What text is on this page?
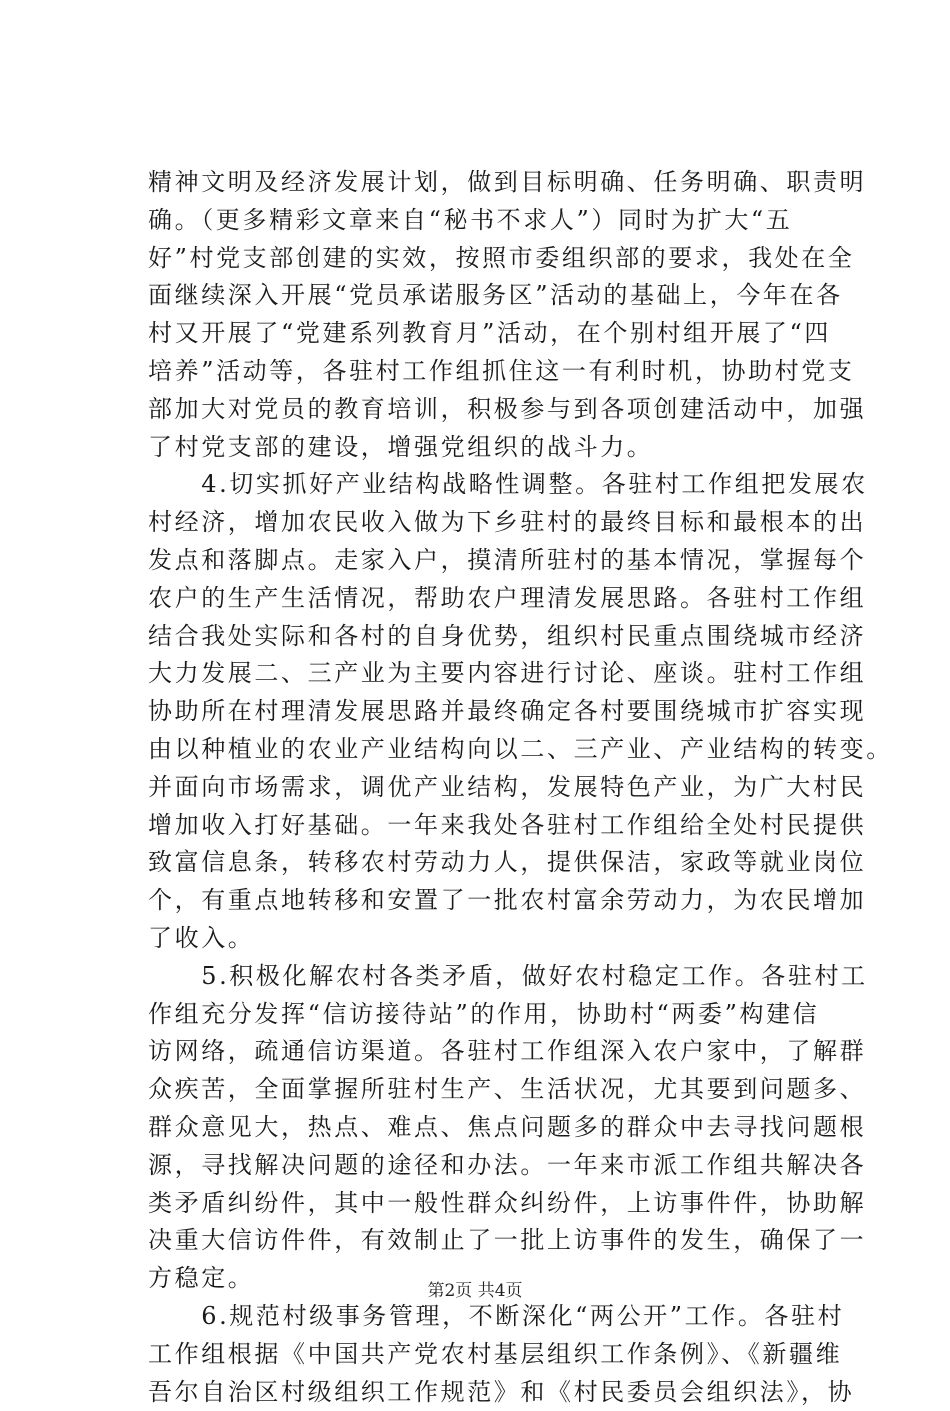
精神文明及经济发展计划，做到目标明确、任务明确、职责明
确。（更多精彩文章来自“秘书不求人”）同时为扩大“五
好”村党支部创建的实效，按照市委组织部的要求，我处在全
面继续深入开展“党员承诺服务区”活动的基础上，今年在各
村又开展了“党建系列教育月”活动，在个别村组开展了“四
培养”活动等，各驻村工作组抓住这一有利时机，协助村党支
部加大对党员的教育培训，积极参与到各项创建活动中，加强
了村党支部的建设，增强党组织的战斗力。
　　4.切实抓好产业结构战略性调整。各驻村工作组把发展农
村经济，增加农民收入做为下乡驻村的最终目标和最根本的出
发点和落脚点。走家入户，摸清所驻村的基本情况，掌握每个
农户的生产生活情况，帮助农户理清发展思路。各驻村工作组
结合我处实际和各村的自身优势，组织村民重点围绕城市经济
大力发展二、三产业为主要内容进行讨论、座谈。驻村工作组
协助所在村理清发展思路并最终确定各村要围绕城市扩容实现
由以种植业的农业产业结构向以二、三产业、产业结构的转变。
并面向市场需求，调优产业结构，发展特色产业，为广大村民
增加收入打好基础。一年来我处各驻村工作组给全处村民提供
致富信息条，转移农村劳动力人，提供保洁，家政等就业岗位
个，有重点地转移和安置了一批农村富余劳动力，为农民增加
了收入。
　　5.积极化解农村各类矛盾，做好农村稳定工作。各驻村工
作组充分发挥“信访接待站”的作用，协助村“两委”构建信
访网络，疏通信访渠道。各驻村工作组深入农户家中，了解群
众疾苦，全面掌握所驻村生产、生活状况，尤其要到问题多、
群众意见大，热点、难点、焦点问题多的群众中去寻找问题根
源，寻找解决问题的途径和办法。一年来市派工作组共解决各
类矛盾纠纷件，其中一般性群众纠纷件，上访事件件，协助解
决重大信访件件，有效制止了一批上访事件的发生，确保了一
方稳定。
　　6.规范村级事务管理，不断深化“两公开”工作。各驻村
工作组根据《中国共产党农村基层组织工作条例》、《新疆维
吾尔自治区村级组织工作规范》和《村民委员会组织法》，协
第2页 共4页
